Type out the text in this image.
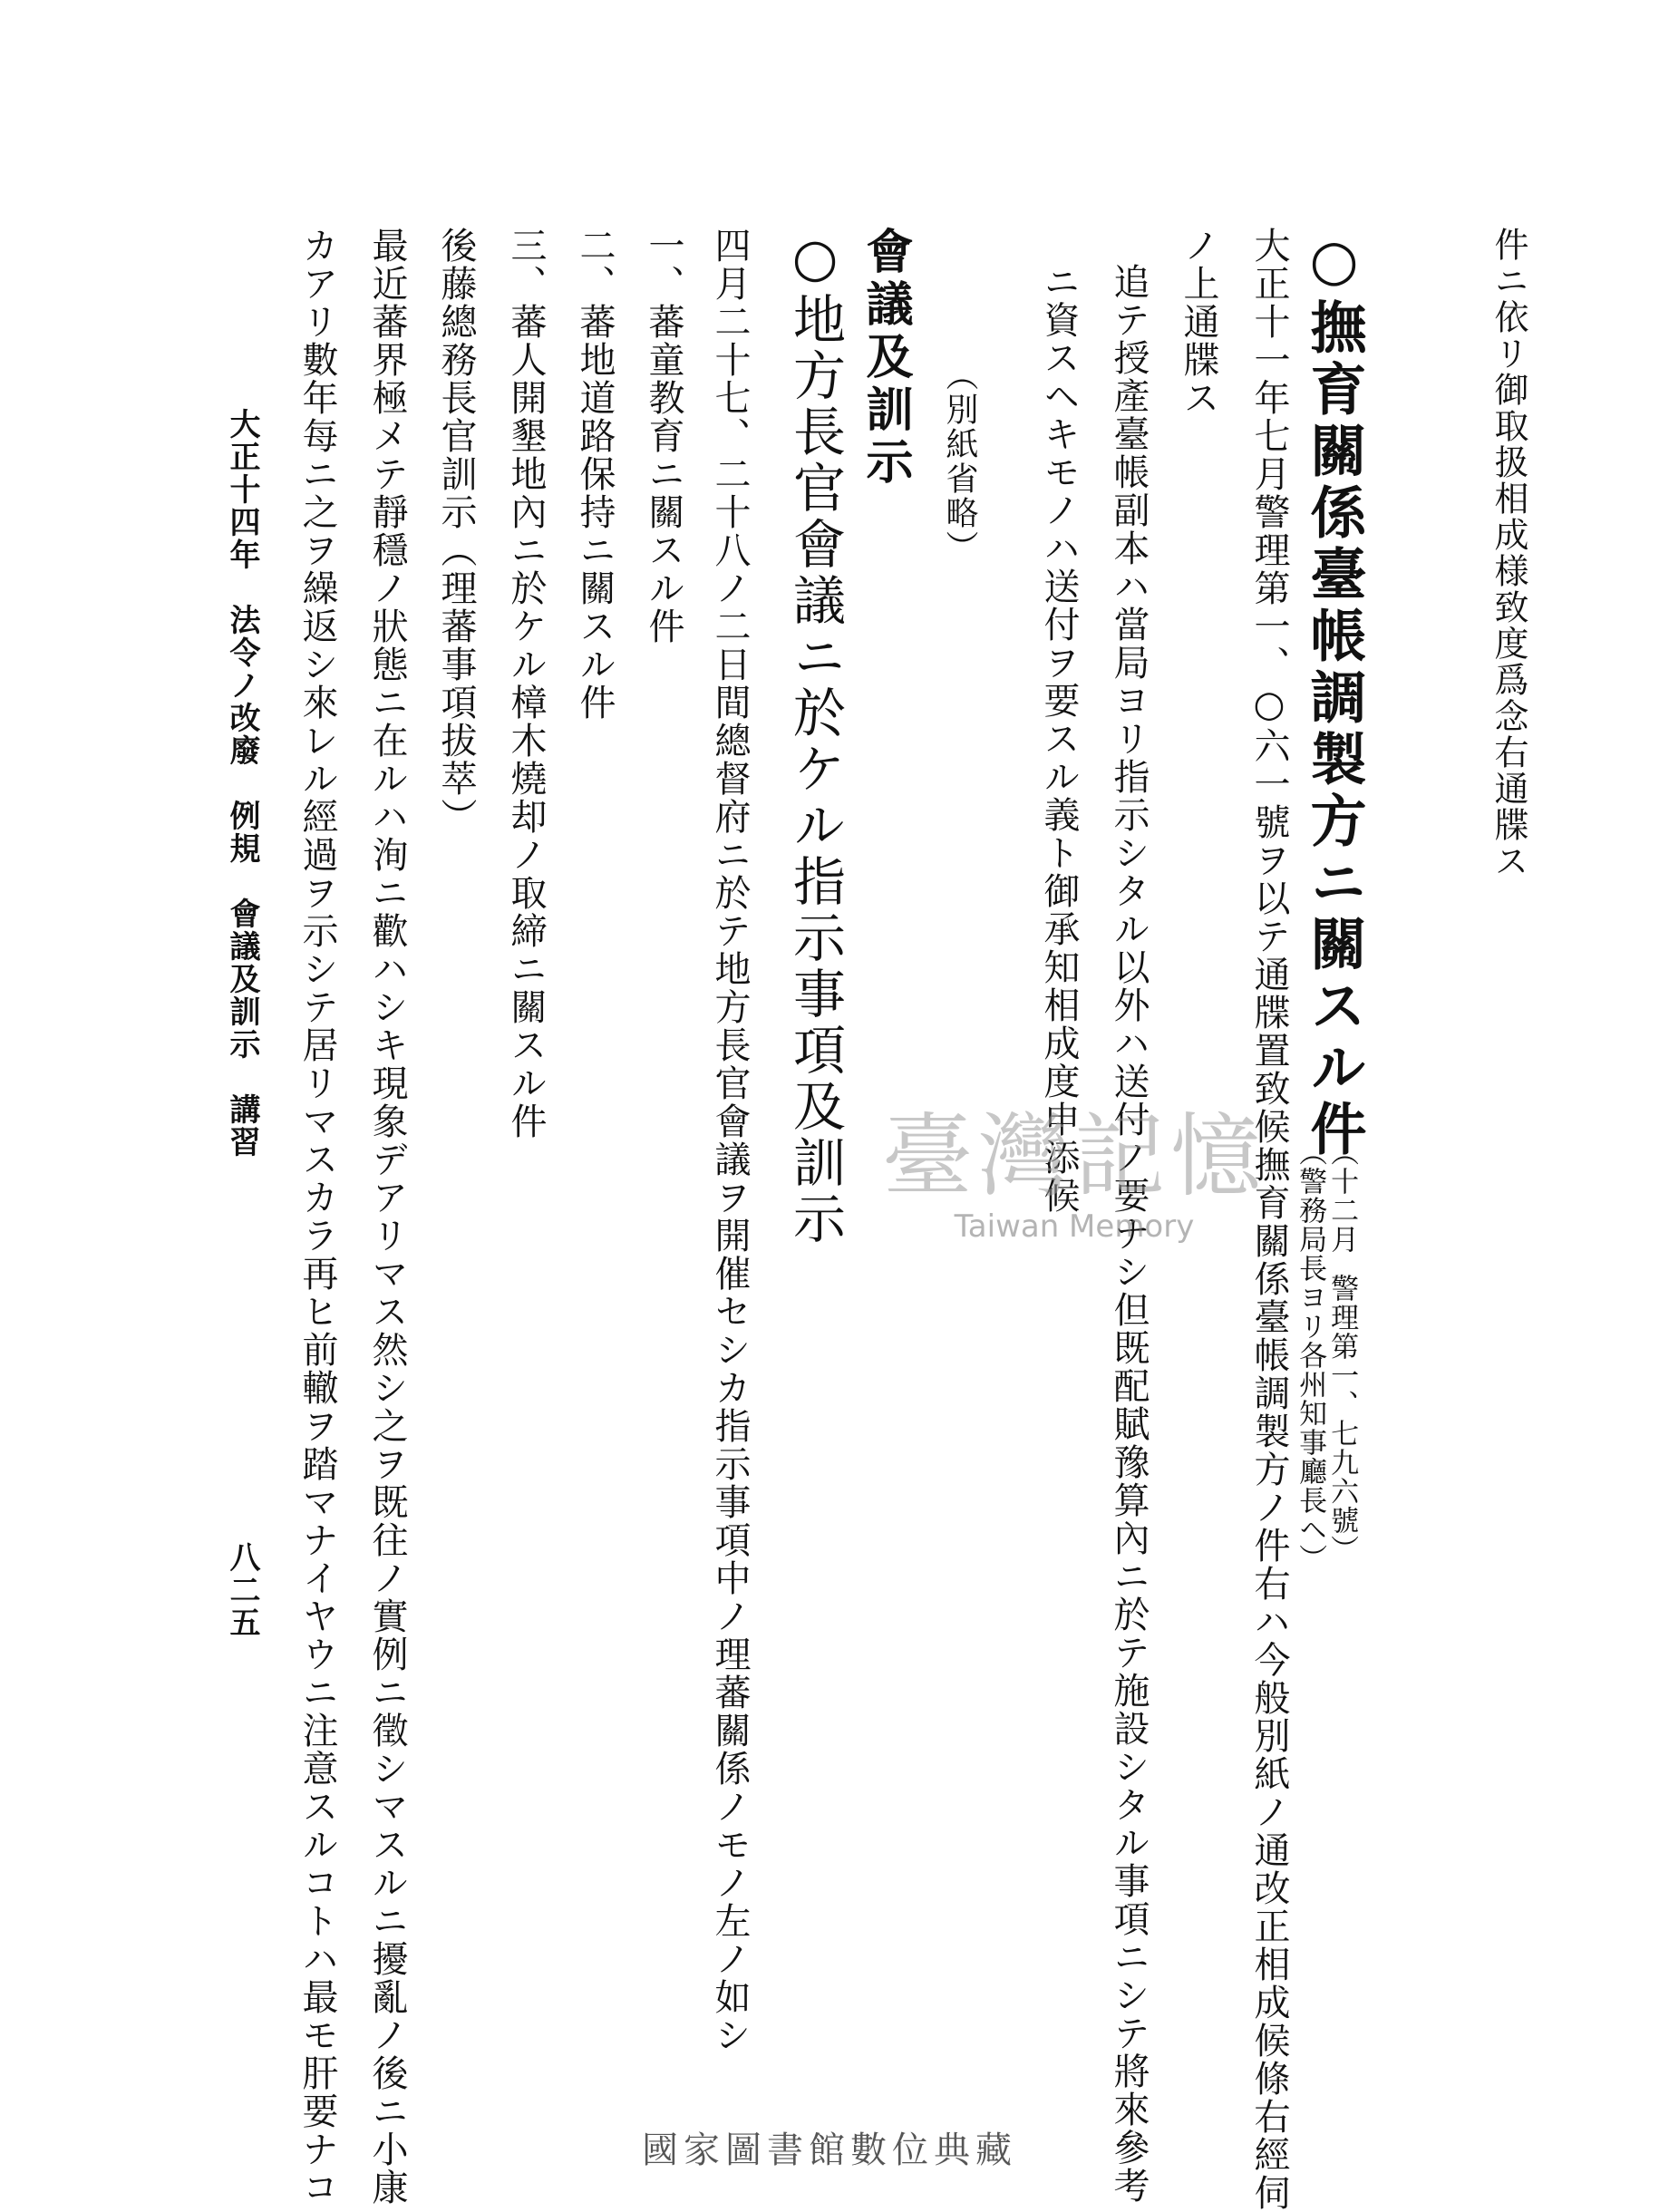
件ニ依リ御取扱相成様致度爲念右通牒ス
○撫育關係臺帳調製方ニ關スル件
（十二月
警理第一、七九六號）
（警務局長ヨリ各州知事廳長ヘ）
大正十一年七月警理第一、○六一號ヲ以テ通牒置致候撫育關係臺帳調製方ノ件右ハ今般別紙ノ通改正相成候條右經伺
ノ上通牒ス
追テ授產臺帳副本ハ當局ヨリ指示シタル以外ハ送付ノ要ナシ但既配賦豫算內ニ於テ施設シタル事項ニシテ將來參考
ニ資スヘキモノハ送付ヲ要スル義ト御承知相成度申添候
（別紙省略）
會議及訓示
○地方長官會議ニ於ケル指示事項及訓示
四月二十七、二十八ノ二日間總督府ニ於テ地方長官會議ヲ開催セシカ指示事項中ノ理蕃關係ノモノ左ノ如シ
一、蕃童教育ニ關スル件
二、蕃地道路保持ニ關スル件
三、蕃人開墾地內ニ於ケル樟木燒却ノ取締ニ關スル件
後藤總務長官訓示（理蕃事項拔萃）
最近蕃界極メテ靜穩ノ狀態ニ在ルハ洵ニ歡ハシキ現象デアリマス然シ之ヲ既往ノ實例ニ徵シマスルニ擾亂ノ後ニ小康
カアリ數年每ニ之ヲ繰返シ來レル經過ヲ示シテ居リマスカラ再ヒ前轍ヲ踏マナイヤウニ注意スルコトハ最モ肝要ナコ
大正十四年　法令ノ改廢　例規　會議及訓示　講習
八二五
臺灣記憶
Taiwan Memory
國家圖書館數位典藏
